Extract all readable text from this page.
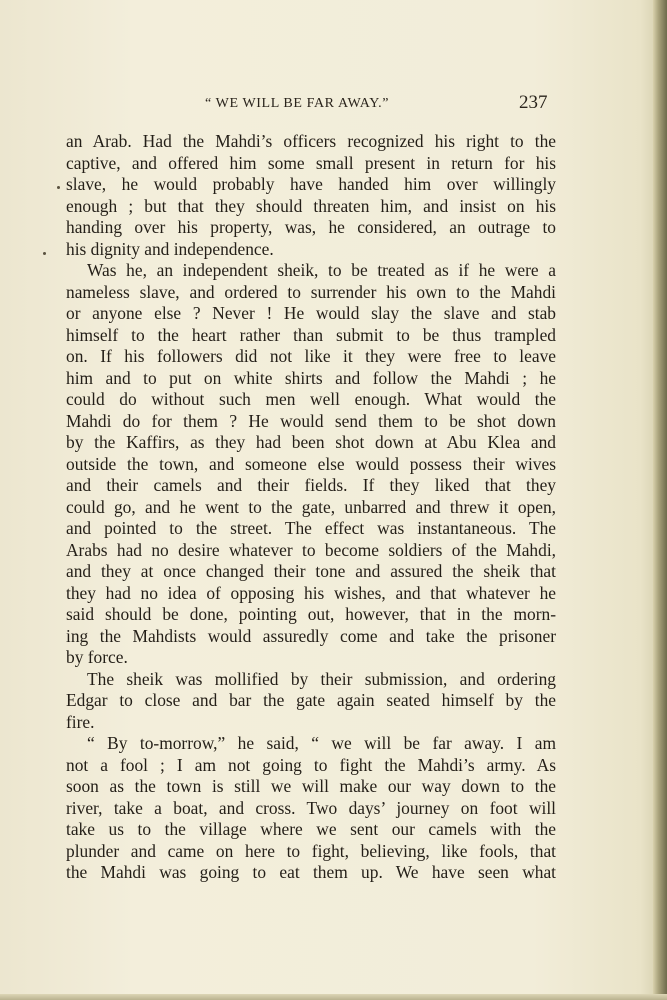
“ WE WILL BE FAR AWAY.”	237
an Arab. Had the Mahdi’s officers recognized his right to the
captive, and offered him some small present in return for his
slave, he would probably have handed him over willingly
enough ; but that they should threaten him, and insist on his
handing over his property, was, he considered, an outrage to
his dignity and independence.
Was he, an independent sheik, to be treated as if he were a
nameless slave, and ordered to surrender his own to the Mahdi
or anyone else ? Never ! He would slay the slave and stab
himself to the heart rather than submit to be thus trampled
on. If his followers did not like it they were free to leave
him and to put on white shirts and follow the Mahdi ; he
could do without such men well enough. What would the
Mahdi do for them ? He would send them to be shot down
by the Kaffirs, as they had been shot down at Abu Klea and
outside the town, and someone else would possess their wives
and their camels and their fields. If they liked that they
could go, and he went to the gate, unbarred and threw it open,
and pointed to the street. The effect was instantaneous. The
Arabs had no desire whatever to become soldiers of the Mahdi,
and they at once changed their tone and assured the sheik that
they had no idea of opposing his wishes, and that whatever he
said should be done, pointing out, however, that in the morn-
ing the Mahdists would assuredly come and take the prisoner
by force.
The sheik was mollified by their submission, and ordering
Edgar to close and bar the gate again seated himself by the
fire.
“ By to-morrow,” he said, “ we will be far away. I am
not a fool ; I am not going to fight the Mahdi’s army. As
soon as the town is still we will make our way down to the
river, take a boat, and cross. Two days’ journey on foot will
take us to the village where we sent our camels with the
plunder and came on here to fight, believing, like fools, that
the Mahdi was going to eat them up. We have seen what
